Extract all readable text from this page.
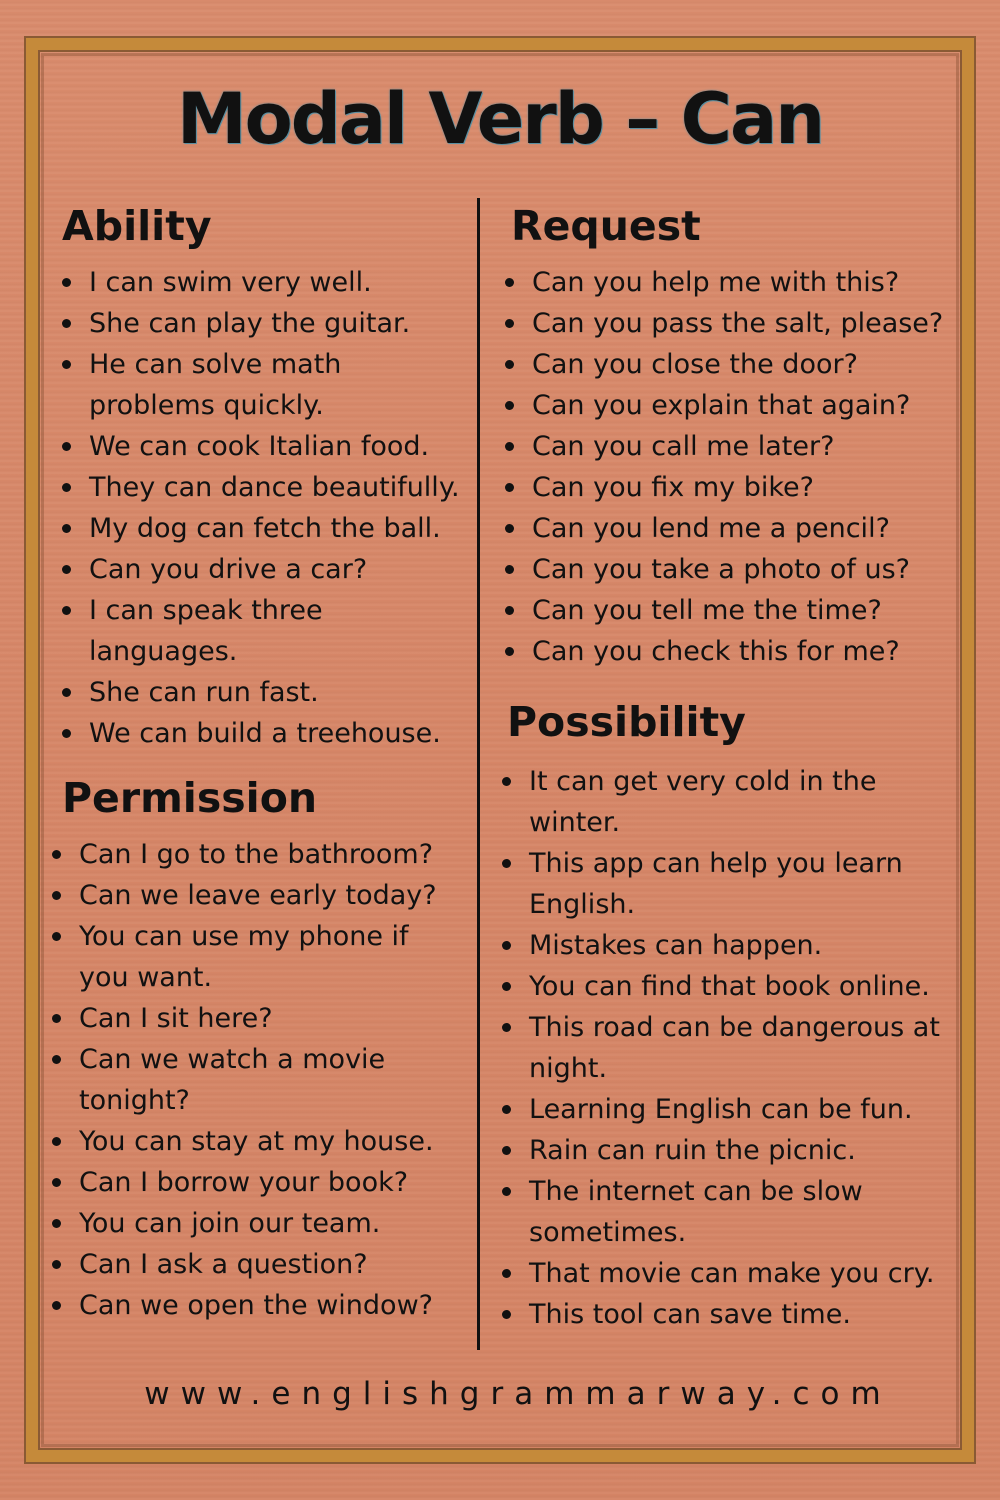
Modal Verb – Can
Ability
I can swim very well.
She can play the guitar.
He can solve math
problems quickly.
We can cook Italian food.
They can dance beautifully.
My dog can fetch the ball.
Can you drive a car?
I can speak three
languages.
She can run fast.
We can build a treehouse.
Permission
Can I go to the bathroom?
Can we leave early today?
You can use my phone if
you want.
Can I sit here?
Can we watch a movie
tonight?
You can stay at my house.
Can I borrow your book?
You can join our team.
Can I ask a question?
Can we open the window?
Request
Can you help me with this?
Can you pass the salt, please?
Can you close the door?
Can you explain that again?
Can you call me later?
Can you fix my bike?
Can you lend me a pencil?
Can you take a photo of us?
Can you tell me the time?
Can you check this for me?
Possibility
It can get very cold in the
winter.
This app can help you learn
English.
Mistakes can happen.
You can find that book online.
This road can be dangerous at
night.
Learning English can be fun.
Rain can ruin the picnic.
The internet can be slow
sometimes.
That movie can make you cry.
This tool can save time.
www.englishgrammarway.com
